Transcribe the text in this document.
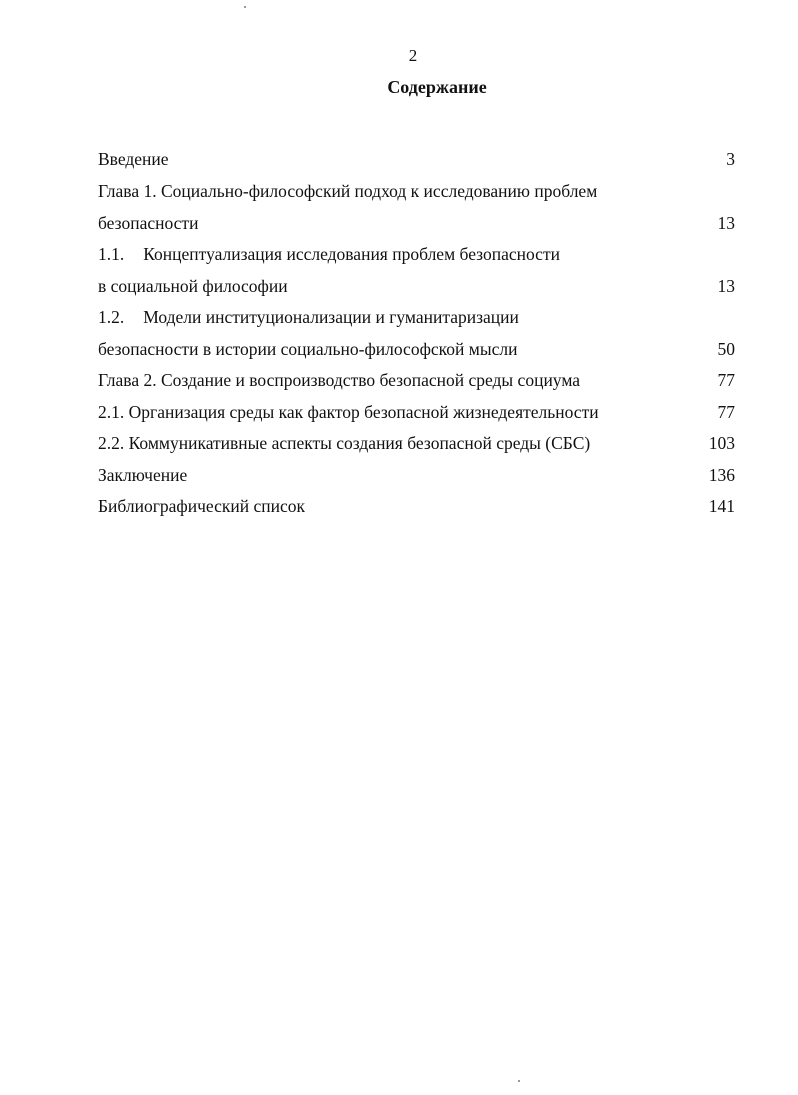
2
Содержание
Введение	3
Глава 1. Социально-философский подход к исследованию проблем
безопасности	13
1.1. Концептуализация исследования проблем безопасности
в социальной философии	13
1.2. Модели институционализации и гуманитаризации
безопасности в истории социально-философской мысли	50
Глава 2. Создание и воспроизводство безопасной среды социума	77
2.1. Организация среды как фактор безопасной жизнедеятельности	77
2.2. Коммуникативные аспекты создания безопасной среды (СБС)	103
Заключение	136
Библиографический список	141
